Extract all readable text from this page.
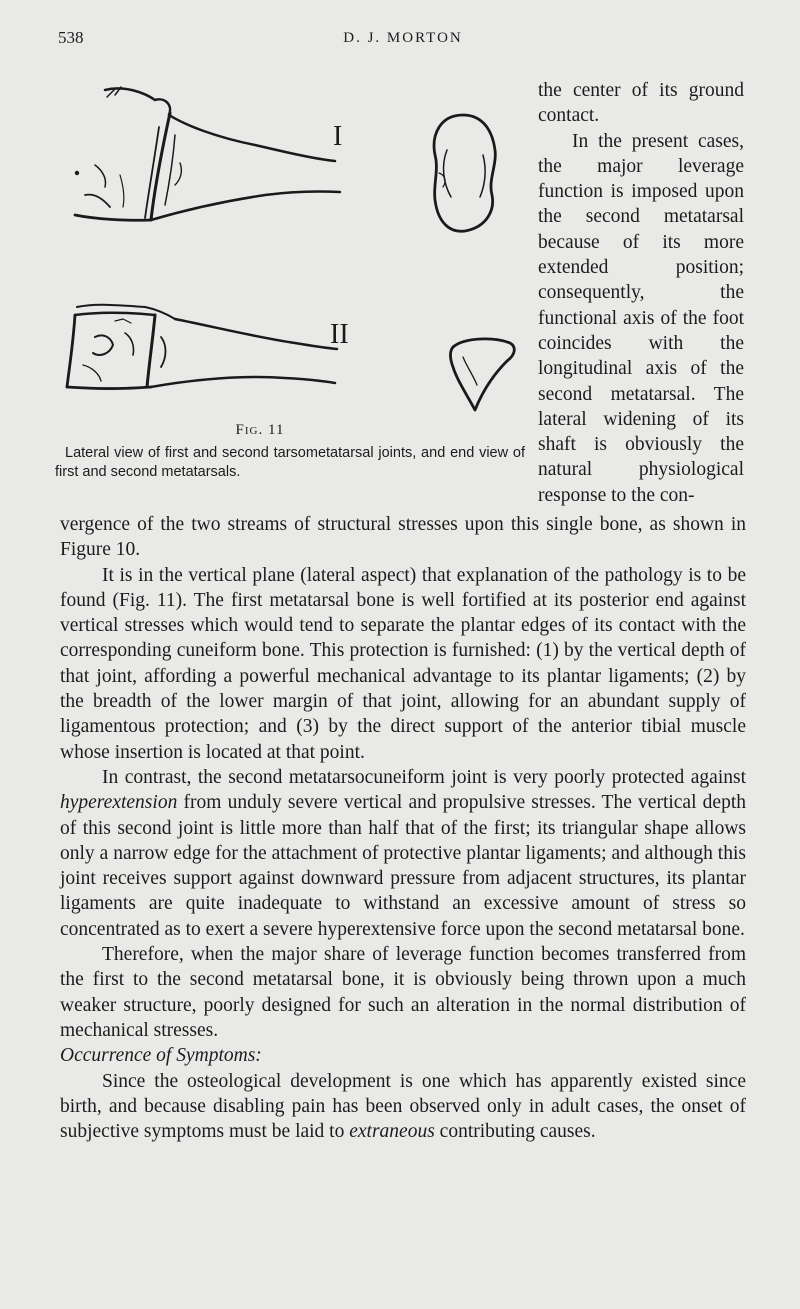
538	D. J. MORTON
I
II
Fig. 11
Lateral view of first and second tarsometatarsal joints, and end view of first and second metatarsals.

the center of its ground contact.

In the present cases, the major leverage function is imposed upon the second metatarsal because of its more extended position; consequently, the functional axis of the foot coincides with the longitudinal axis of the second metatarsal. The lateral widening of its shaft is obviously the natural physiological response to the con-

vergence of the two streams of structural stresses upon this single bone, as shown in Figure 10.

It is in the vertical plane (lateral aspect) that explanation of the pathology is to be found (Fig. 11). The first metatarsal bone is well fortified at its posterior end against vertical stresses which would tend to separate the plantar edges of its contact with the corresponding cuneiform bone. This protection is furnished: (1) by the vertical depth of that joint, affording a powerful mechanical advantage to its plantar ligaments; (2) by the breadth of the lower margin of that joint, allowing for an abundant supply of ligamentous protection; and (3) by the direct support of the anterior tibial muscle whose insertion is located at that point.

In contrast, the second metatarsocuneiform joint is very poorly protected against hyperextension from unduly severe vertical and propulsive stresses. The vertical depth of this second joint is little more than half that of the first; its triangular shape allows only a narrow edge for the attachment of protective plantar ligaments; and although this joint receives support against downward pressure from adjacent structures, its plantar ligaments are quite inadequate to withstand an excessive amount of stress so concentrated as to exert a severe hyperextensive force upon the second metatarsal bone.

Therefore, when the major share of leverage function becomes transferred from the first to the second metatarsal bone, it is obviously being thrown upon a much weaker structure, poorly designed for such an alteration in the normal distribution of mechanical stresses.

Occurrence of Symptoms:

Since the osteological development is one which has apparently existed since birth, and because disabling pain has been observed only in adult cases, the onset of subjective symptoms must be laid to extraneous contributing causes.
